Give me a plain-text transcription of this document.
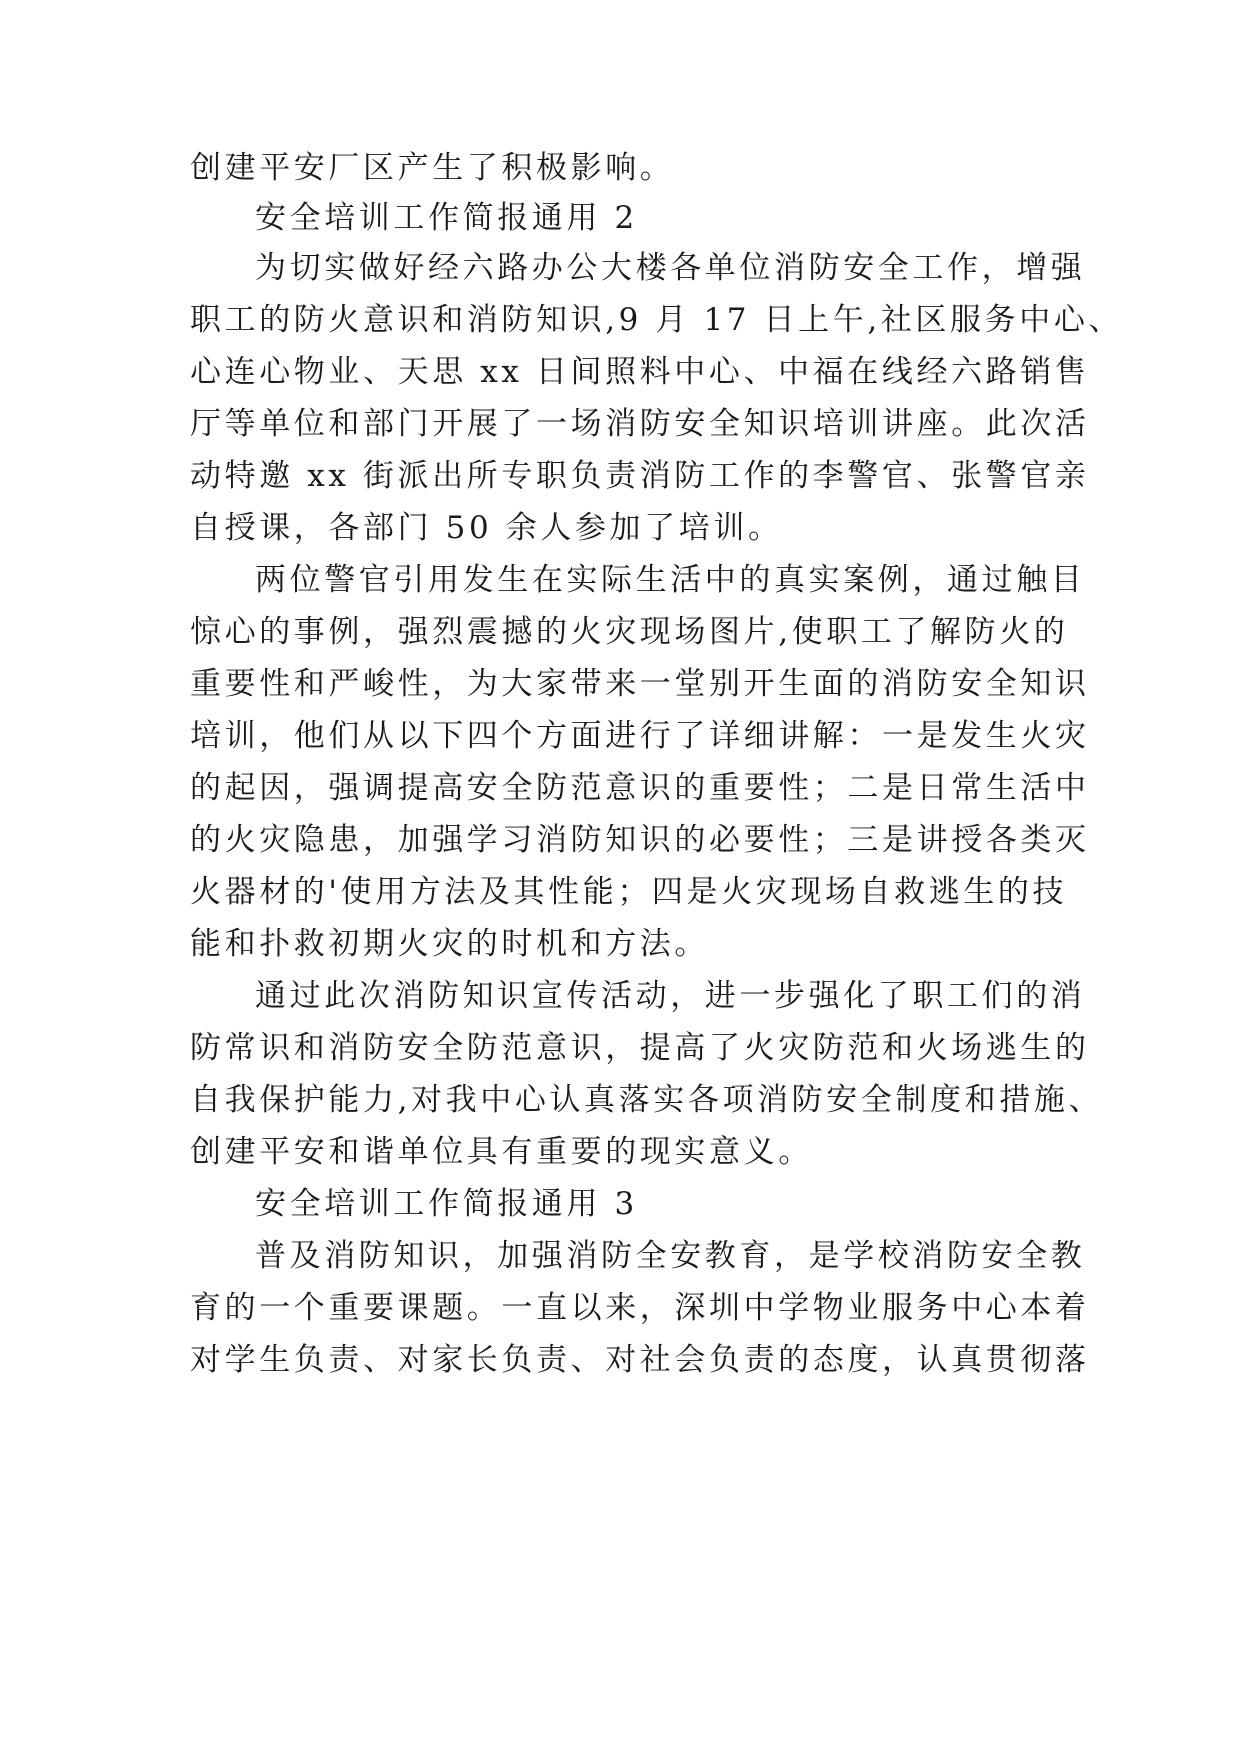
创建平安厂区产生了积极影响。
安全培训工作简报通用 2
为切实做好经六路办公大楼各单位消防安全工作，增强
职工的防火意识和消防知识,9 月 17 日上午,社区服务中心、
心连心物业、天思 xx 日间照料中心、中福在线经六路销售
厅等单位和部门开展了一场消防安全知识培训讲座。此次活
动特邀 xx 街派出所专职负责消防工作的李警官、张警官亲
自授课，各部门 50 余人参加了培训。
两位警官引用发生在实际生活中的真实案例，通过触目
惊心的事例，强烈震撼的火灾现场图片,使职工了解防火的
重要性和严峻性，为大家带来一堂别开生面的消防安全知识
培训，他们从以下四个方面进行了详细讲解：一是发生火灾
的起因，强调提高安全防范意识的重要性；二是日常生活中
的火灾隐患，加强学习消防知识的必要性；三是讲授各类灭
火器材的'使用方法及其性能；四是火灾现场自救逃生的技
能和扑救初期火灾的时机和方法。
通过此次消防知识宣传活动，进一步强化了职工们的消
防常识和消防安全防范意识，提高了火灾防范和火场逃生的
自我保护能力,对我中心认真落实各项消防安全制度和措施、
创建平安和谐单位具有重要的现实意义。
安全培训工作简报通用 3
普及消防知识，加强消防全安教育，是学校消防安全教
育的一个重要课题。一直以来，深圳中学物业服务中心本着
对学生负责、对家长负责、对社会负责的态度，认真贯彻落
